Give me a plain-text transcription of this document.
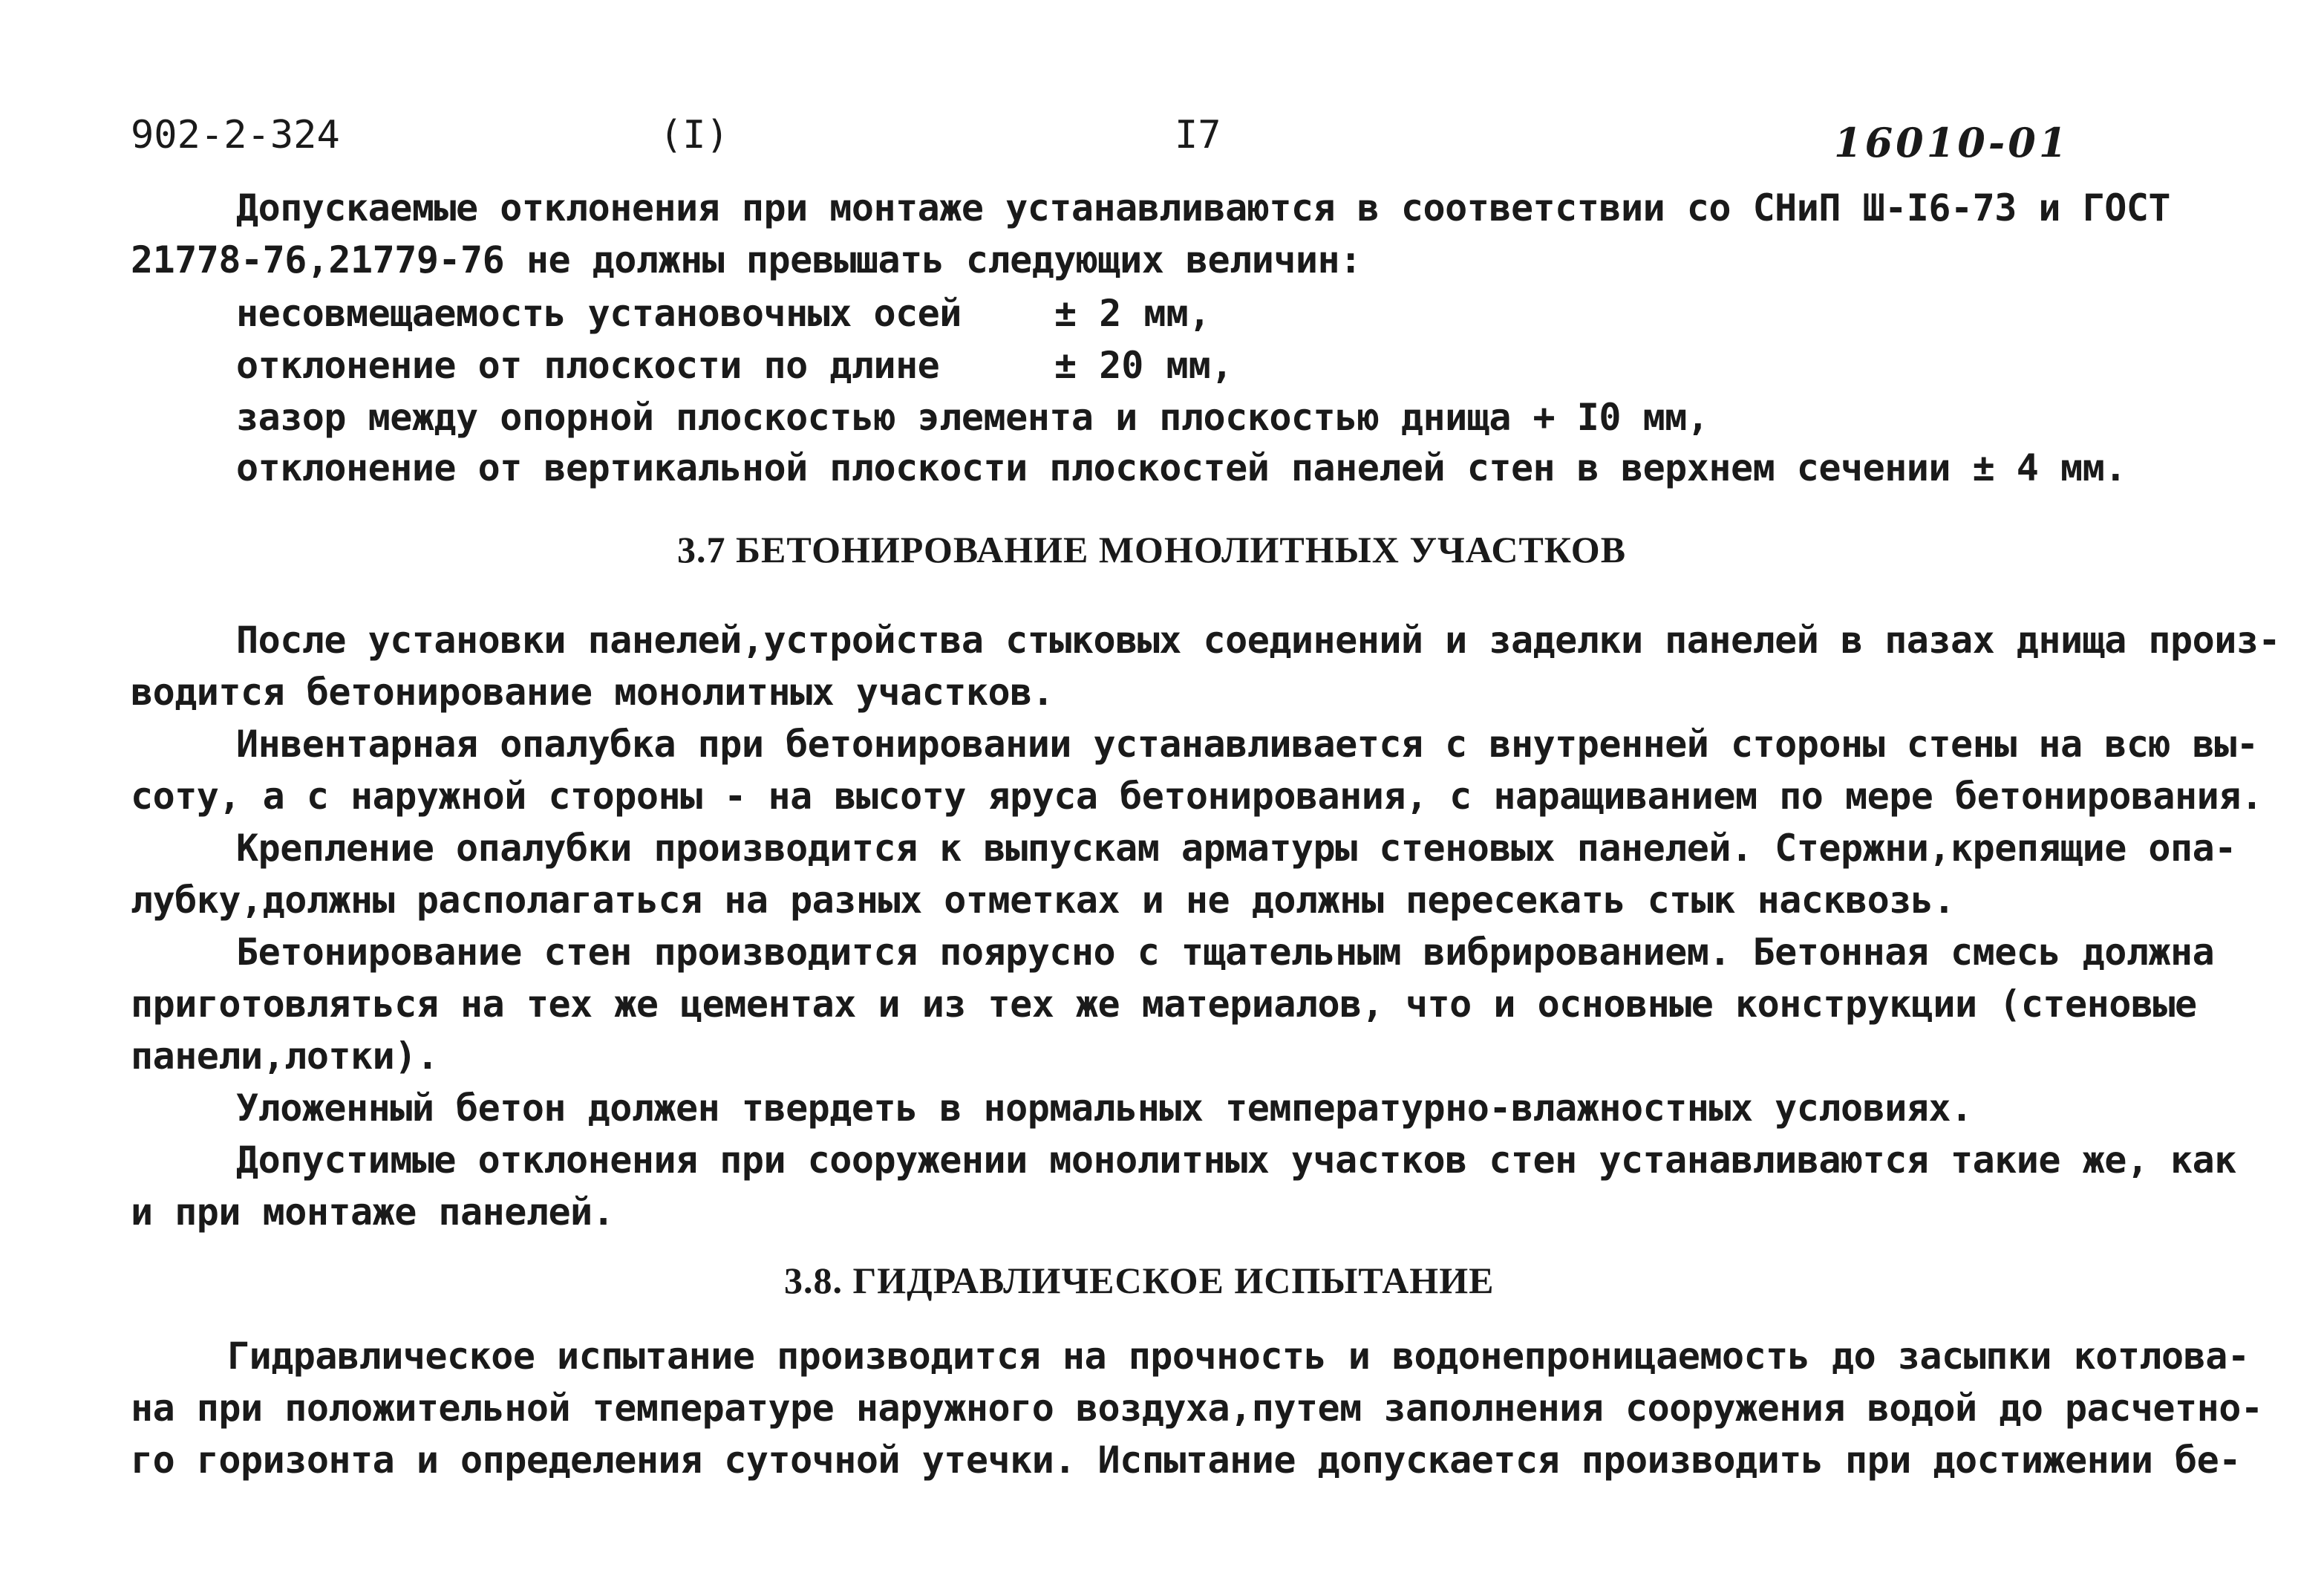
902-2-324	(I)	I7	16010-01
Допускаемые отклонения при монтаже устанавливаются в соответствии со СНиП Ш-I6-73 и ГОСТ
21778-76,21779-76 не должны превышать следующих величин:
несовмещаемость установочных осей	± 2 мм,
отклонение от плоскости по длине	± 20 мм,
зазор между опорной плоскостью элемента и плоскостью днища + I0 мм,
отклонение от вертикальной плоскости плоскостей панелей стен в верхнем сечении ± 4 мм.
3.7 БЕТОНИРОВАНИЕ МОНОЛИТНЫХ УЧАСТКОВ
После установки панелей,устройства стыковых соединений и заделки панелей в пазах днища произ-
водится бетонирование монолитных участков.
Инвентарная опалубка при бетонировании устанавливается с внутренней стороны стены на всю вы-
соту, а с наружной стороны - на высоту яруса бетонирования, с наращиванием по мере бетонирования.
Крепление опалубки производится к выпускам арматуры стеновых панелей. Стержни,крепящие опа-
лубку,должны располагаться на разных отметках и не должны пересекать стык насквозь.
Бетонирование стен производится поярусно с тщательным вибрированием. Бетонная смесь должна
приготовляться на тех же цементах и из тех же материалов, что и основные конструкции (стеновые
панели,лотки).
Уложенный бетон должен твердеть в нормальных температурно-влажностных условиях.
Допустимые отклонения при сооружении монолитных участков стен устанавливаются такие же, как
и при монтаже панелей.
3.8. ГИДРАВЛИЧЕСКОЕ ИСПЫТАНИЕ
Гидравлическое испытание производится на прочность и водонепроницаемость до засыпки котлова-
на при положительной температуре наружного воздуха,путем заполнения сооружения водой до расчетно-
го горизонта и определения суточной утечки. Испытание допускается производить при достижении бе-
